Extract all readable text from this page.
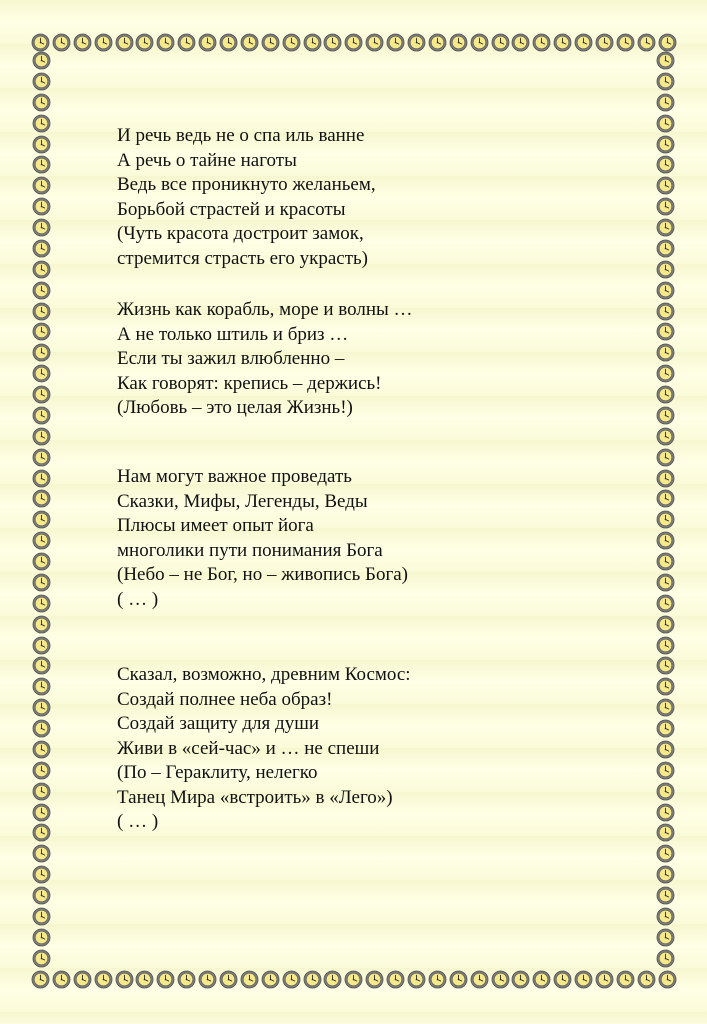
И речь ведь не о спа иль ванне
А речь о тайне наготы
Ведь все проникнуто желаньем,
Борьбой страстей и красоты
(Чуть красота достроит замок,
стремится страсть его украсть)
Жизнь как корабль, море и волны …
А не только штиль и бриз …
Если ты зажил влюбленно –
Как говорят: крепись – держись!
(Любовь – это целая Жизнь!)
Нам могут важное проведать
Сказки, Мифы, Легенды, Веды
Плюсы имеет опыт йога
многолики пути понимания Бога
(Небо – не Бог, но – живопись Бога)
( … )
Сказал, возможно, древним Космос:
Создай полнее неба образ!
Создай защиту для души
Живи в «сей-час» и … не спеши
(По – Гераклиту, нелегко
Танец Мира «встроить» в «Лего»)
( … )
